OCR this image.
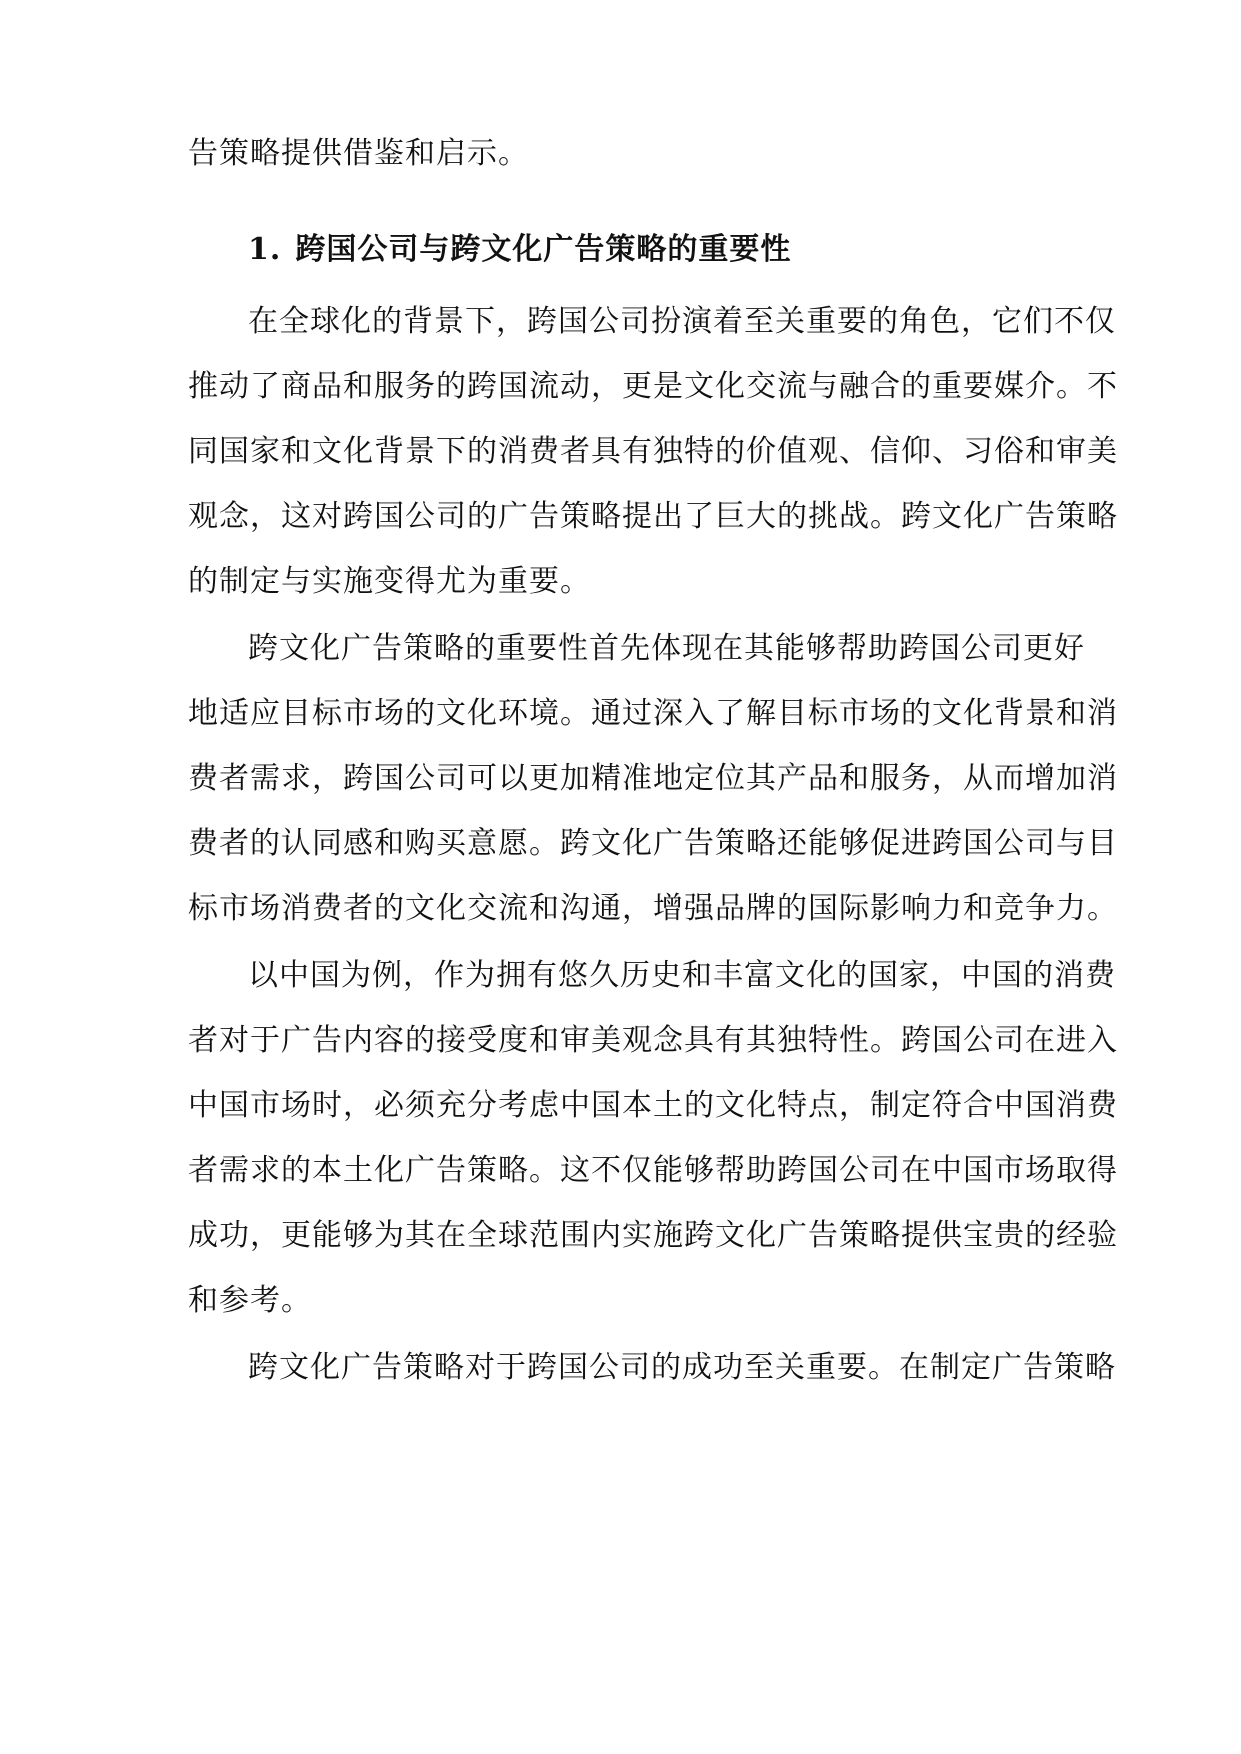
告策略提供借鉴和启示。
1. 跨国公司与跨文化广告策略的重要性
在全球化的背景下，跨国公司扮演着至关重要的角色，它们不仅
推动了商品和服务的跨国流动，更是文化交流与融合的重要媒介。不
同国家和文化背景下的消费者具有独特的价值观、信仰、习俗和审美
观念，这对跨国公司的广告策略提出了巨大的挑战。跨文化广告策略
的制定与实施变得尤为重要。
跨文化广告策略的重要性首先体现在其能够帮助跨国公司更好
地适应目标市场的文化环境。通过深入了解目标市场的文化背景和消
费者需求，跨国公司可以更加精准地定位其产品和服务，从而增加消
费者的认同感和购买意愿。跨文化广告策略还能够促进跨国公司与目
标市场消费者的文化交流和沟通，增强品牌的国际影响力和竞争力。
以中国为例，作为拥有悠久历史和丰富文化的国家，中国的消费
者对于广告内容的接受度和审美观念具有其独特性。跨国公司在进入
中国市场时，必须充分考虑中国本土的文化特点，制定符合中国消费
者需求的本土化广告策略。这不仅能够帮助跨国公司在中国市场取得
成功，更能够为其在全球范围内实施跨文化广告策略提供宝贵的经验
和参考。
跨文化广告策略对于跨国公司的成功至关重要。在制定广告策略
